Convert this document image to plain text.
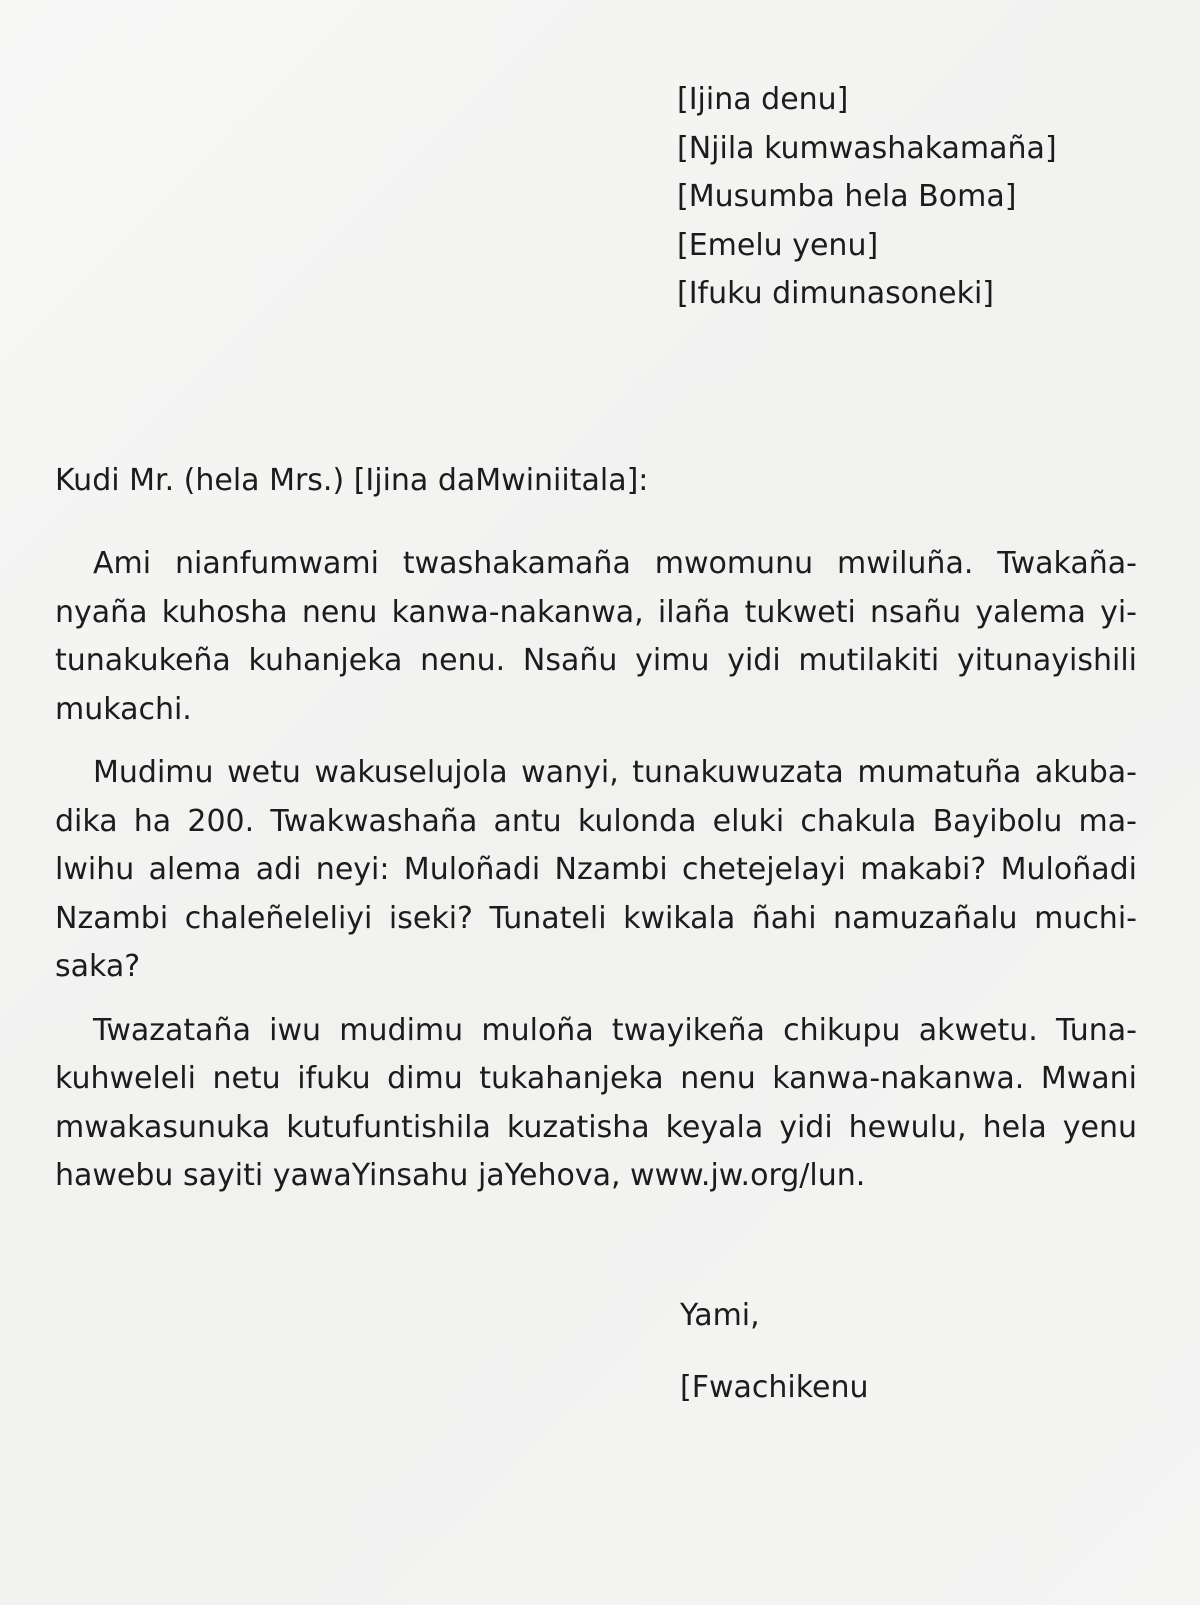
[Ijina denu]
[Njila kumwashakamaña]
[Musumba hela Boma]
[Emelu yenu]
[Ifuku dimunasoneki]
Kudi Mr. (hela Mrs.) [Ijina daMwiniitala]:

Ami nianfumwami twashakamaña mwomunu mwiluña. Twakañanyaña kuhosha nenu kanwa-nakanwa, ilaña tukweti nsañu yalema yitunakukeña kuhanjeka nenu. Nsañu yimu yidi mutilakiti yitunayishili mukachi.

Mudimu wetu wakuselujola wanyi, tunakuwuzata mumatuña akubadika ha 200. Twakwashaña antu kulonda eluki chakula Bayibolu malwihu alema adi neyi: Muloñadi Nzambi chetejelayi makabi? Muloñadi Nzambi chaleñeleliyi iseki? Tunateli kwikala ñahi namuzañalu muchisaka?

Twazataña iwu mudimu muloña twayikeña chikupu akwetu. Tunakuhweleli netu ifuku dimu tukahanjeka nenu kanwa-nakanwa. Mwani mwakasunuka kutufuntishila kuzatisha keyala yidi hewulu, hela yenu hawebu sayiti yawaYinsahu jaYehova, www.jw.org/lun.

Yami,
[Fwachikenu
